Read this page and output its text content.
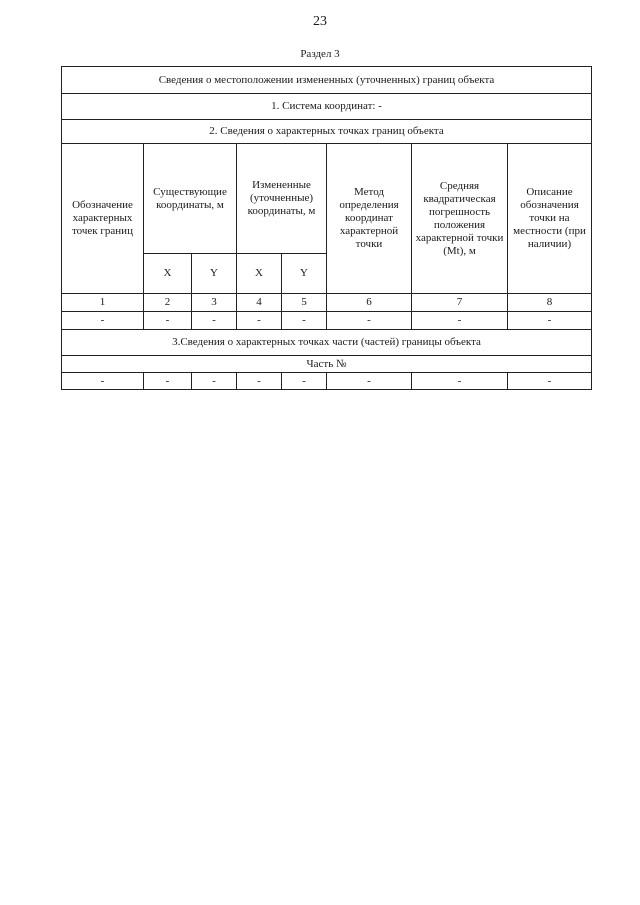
23
Раздел 3
Сведения о местоположении измененных (уточненных) границ объекта							
1. Система координат: -							
2. Сведения о характерных точках границ объекта							
Обозначение характерных точек границ	Существующие координаты, м		Измененные (уточненные) координаты, м		Метод определения координат характерной точки	Средняя квадратическая погрешность положения характерной точки (Mt), м	Описание обозначения точки на местности (при наличии)
	X	Y	X	Y			
1	2	3	4	5	6	7	8
-	-	-	-	-	-	-	-
3.Сведения о характерных точках части (частей) границы объекта							
Часть №							
-	-	-	-	-	-	-	-
